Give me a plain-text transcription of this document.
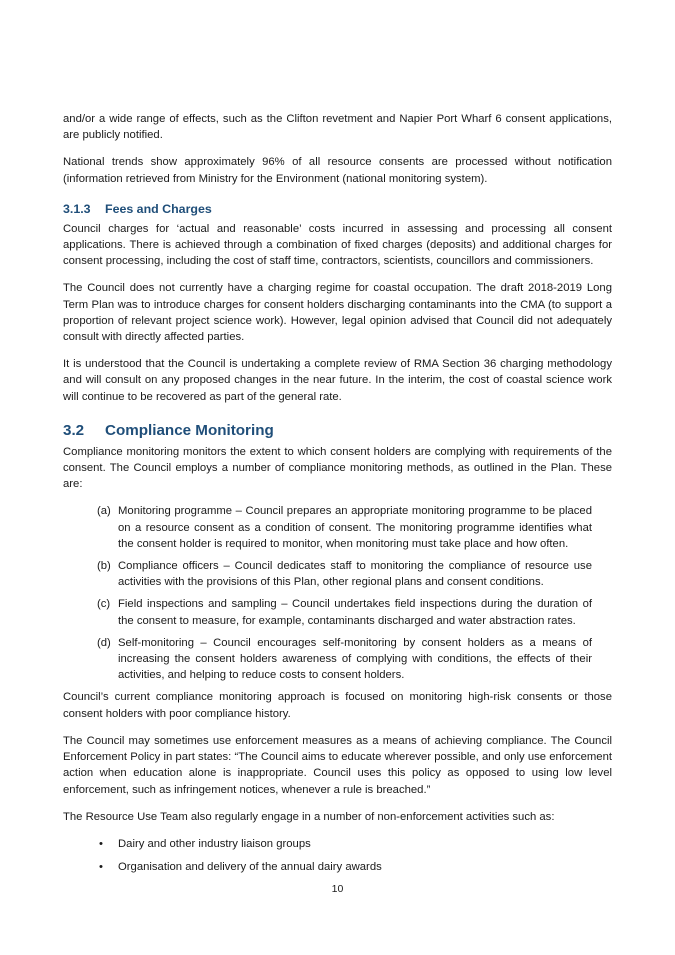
and/or a wide range of effects, such as the Clifton revetment and Napier Port Wharf 6 consent applications, are publicly notified.

National trends show approximately 96% of all resource consents are processed without notification (information retrieved from Ministry for the Environment (national monitoring system).

3.1.3 Fees and Charges

Council charges for ‘actual and reasonable’ costs incurred in assessing and processing all consent applications. There is achieved through a combination of fixed charges (deposits) and additional charges for consent processing, including the cost of staff time, contractors, scientists, councillors and commissioners.

The Council does not currently have a charging regime for coastal occupation. The draft 2018-2019 Long Term Plan was to introduce charges for consent holders discharging contaminants into the CMA (to support a proportion of relevant project science work). However, legal opinion advised that Council did not adequately consult with directly affected parties.

It is understood that the Council is undertaking a complete review of RMA Section 36 charging methodology and will consult on any proposed changes in the near future. In the interim, the cost of coastal science work will continue to be recovered as part of the general rate.

3.2 Compliance Monitoring

Compliance monitoring monitors the extent to which consent holders are complying with requirements of the consent. The Council employs a number of compliance monitoring methods, as outlined in the Plan. These are:

(a) Monitoring programme – Council prepares an appropriate monitoring programme to be placed on a resource consent as a condition of consent. The monitoring programme identifies what the consent holder is required to monitor, when monitoring must take place and how often.
(b) Compliance officers – Council dedicates staff to monitoring the compliance of resource use activities with the provisions of this Plan, other regional plans and consent conditions.
(c) Field inspections and sampling – Council undertakes field inspections during the duration of the consent to measure, for example, contaminants discharged and water abstraction rates.
(d) Self-monitoring – Council encourages self-monitoring by consent holders as a means of increasing the consent holders awareness of complying with conditions, the effects of their activities, and helping to reduce costs to consent holders.

Council’s current compliance monitoring approach is focused on monitoring high-risk consents or those consent holders with poor compliance history.

The Council may sometimes use enforcement measures as a means of achieving compliance. The Council Enforcement Policy in part states: “The Council aims to educate wherever possible, and only use enforcement action when education alone is inappropriate. Council uses this policy as opposed to using low level enforcement, such as infringement notices, whenever a rule is breached.”

The Resource Use Team also regularly engage in a number of non-enforcement activities such as:

• Dairy and other industry liaison groups
• Organisation and delivery of the annual dairy awards
10
